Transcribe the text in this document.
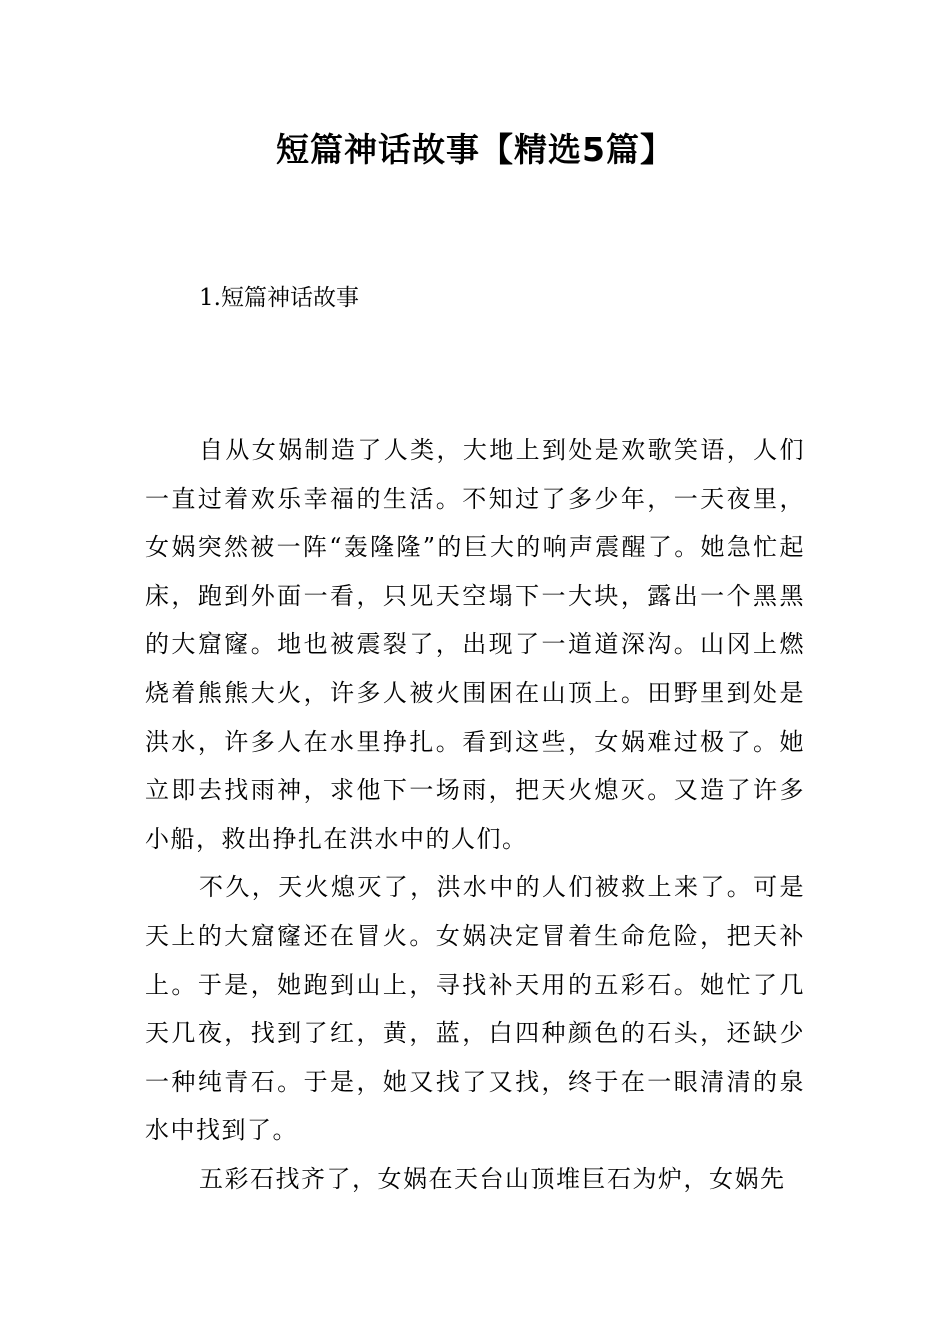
短篇神话故事【精选5篇】
1.短篇神话故事

自从女娲制造了人类，大地上到处是欢歌笑语，人们一直过着欢乐幸福的生活。不知过了多少年，一天夜里，女娲突然被一阵“轰隆隆”的巨大的响声震醒了。她急忙起床，跑到外面一看，只见天空塌下一大块，露出一个黑黑的大窟窿。地也被震裂了，出现了一道道深沟。山冈上燃烧着熊熊大火，许多人被火围困在山顶上。田野里到处是洪水，许多人在水里挣扎。看到这些，女娲难过极了。她立即去找雨神，求他下一场雨，把天火熄灭。又造了许多小船，救出挣扎在洪水中的人们。

不久，天火熄灭了，洪水中的人们被救上来了。可是天上的大窟窿还在冒火。女娲决定冒着生命危险，把天补上。于是，她跑到山上，寻找补天用的五彩石。她忙了几天几夜，找到了红，黄，蓝，白四种颜色的石头，还缺少一种纯青石。于是，她又找了又找，终于在一眼清清的泉水中找到了。

五彩石找齐了，女娲在天台山顶堆巨石为炉，女娲先
